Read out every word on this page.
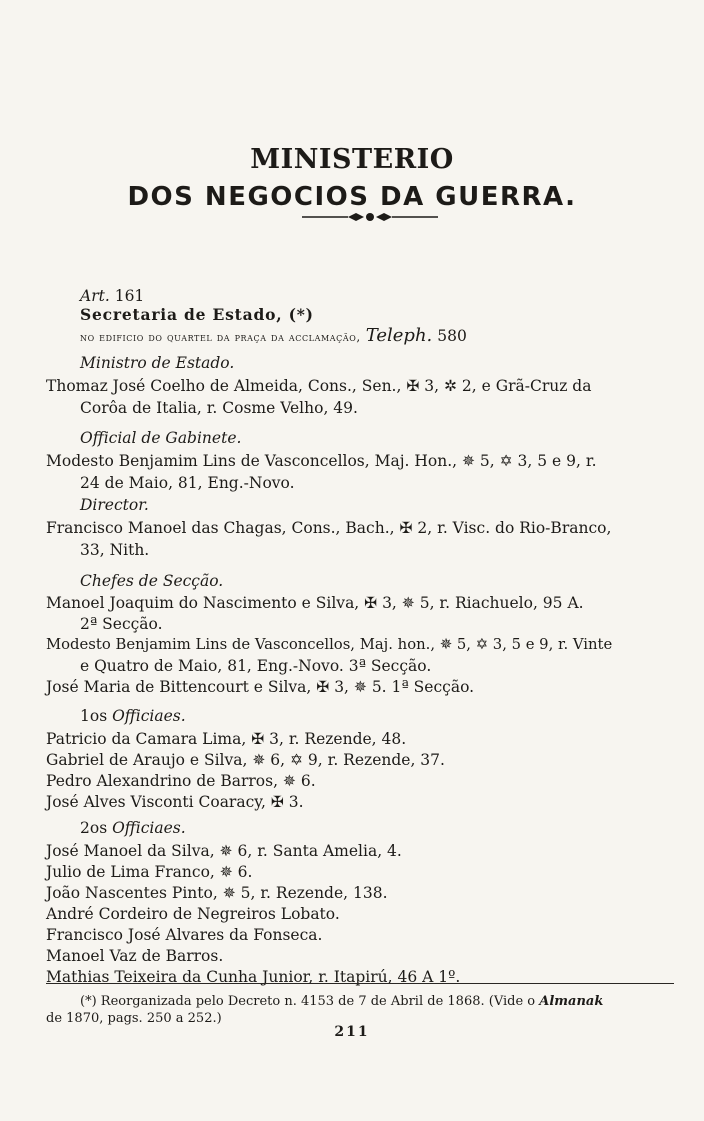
MINISTERIO
DOS NEGOCIOS DA GUERRA.
Art. 161
Secretaria de Estado, (*)
no edificio do quartel da praça da acclamação, Teleph. 580
Ministro de Estado.
Thomaz José Coelho de Almeida, Cons., Sen., ✠ 3, ✲ 2, e Grã-Cruz da
Corôa de Italia, r. Cosme Velho, 49.
Official de Gabinete.
Modesto Benjamim Lins de Vasconcellos, Maj. Hon., ✵ 5, ✡ 3, 5 e 9, r.
24 de Maio, 81, Eng.-Novo.
Director.
Francisco Manoel das Chagas, Cons., Bach., ✠ 2, r. Visc. do Rio-Branco,
33, Nith.
Chefes de Secção.
Manoel Joaquim do Nascimento e Silva, ✠ 3, ✵ 5, r. Riachuelo, 95 A.
2ª Secção.
Modesto Benjamim Lins de Vasconcellos, Maj. hon., ✵ 5, ✡ 3, 5 e 9, r. Vinte
e Quatro de Maio, 81, Eng.-Novo. 3ª Secção.
José Maria de Bittencourt e Silva, ✠ 3, ✵ 5. 1ª Secção.
1os Officiaes.
Patricio da Camara Lima, ✠ 3, r. Rezende, 48.
Gabriel de Araujo e Silva, ✵ 6, ✡ 9, r. Rezende, 37.
Pedro Alexandrino de Barros, ✵ 6.
José Alves Visconti Coaracy, ✠ 3.
2os Officiaes.
José Manoel da Silva, ✵ 6, r. Santa Amelia, 4.
Julio de Lima Franco, ✵ 6.
João Nascentes Pinto, ✵ 5, r. Rezende, 138.
André Cordeiro de Negreiros Lobato.
Francisco José Alvares da Fonseca.
Manoel Vaz de Barros.
Mathias Teixeira da Cunha Junior, r. Itapirú, 46 A 1º.
(*) Reorganizada pelo Decreto n. 4153 de 7 de Abril de 1868. (Vide o Almanak
de 1870, pags. 250 a 252.)
211
